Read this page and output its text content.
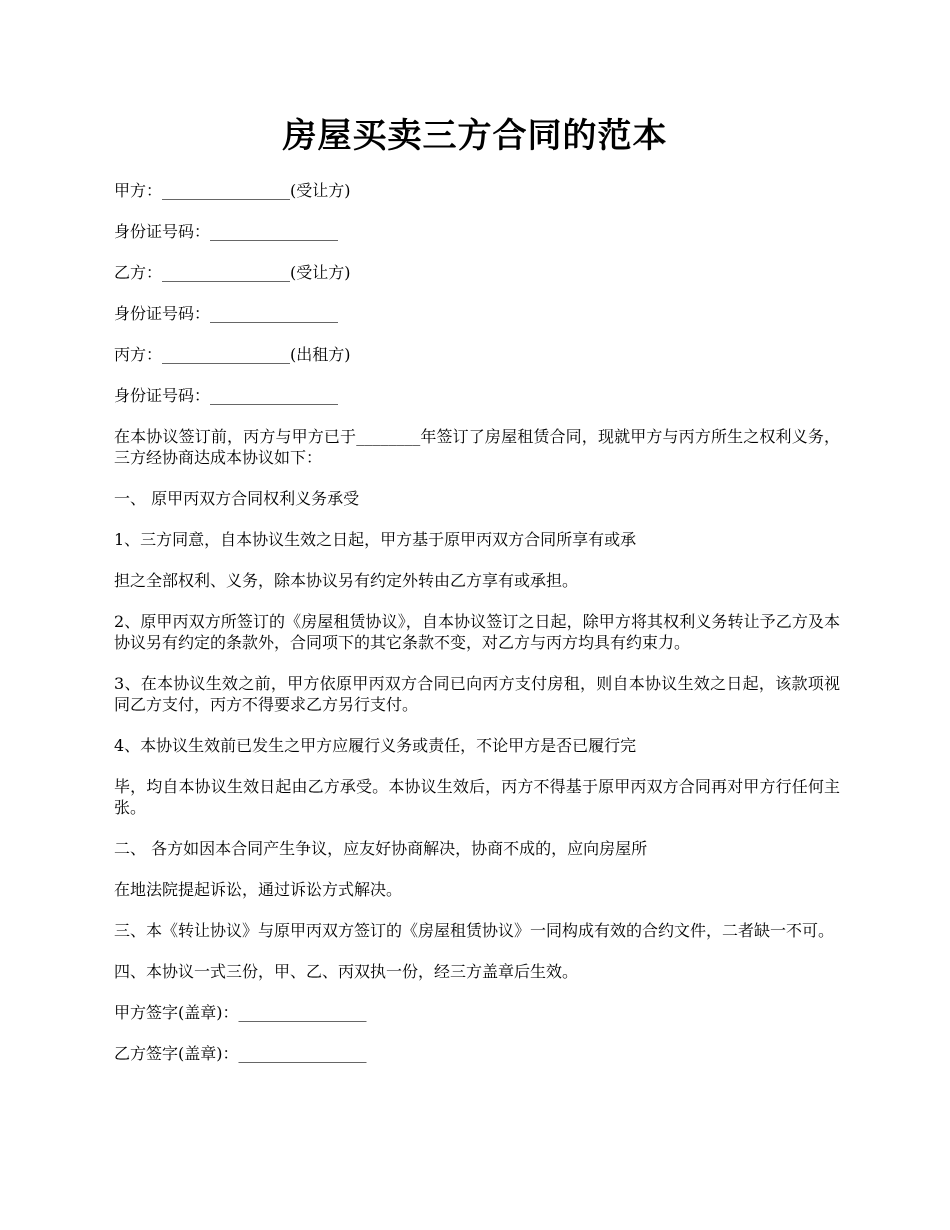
房屋买卖三方合同的范本

甲方：________________(受让方)

身份证号码：________________

乙方：________________(受让方)

身份证号码：________________

丙方：________________(出租方)

身份证号码：________________

在本协议签订前，丙方与甲方已于________年签订了房屋租赁合同，现就甲方与丙方所生之权利义务，三方经协商达成本协议如下：

一、 原甲丙双方合同权利义务承受

1、三方同意，自本协议生效之日起，甲方基于原甲丙双方合同所享有或承

担之全部权利、义务，除本协议另有约定外转由乙方享有或承担。

2、原甲丙双方所签订的《房屋租赁协议》，自本协议签订之日起，除甲方将其权利义务转让予乙方及本协议另有约定的条款外，合同项下的其它条款不变，对乙方与丙方均具有约束力。

3、在本协议生效之前，甲方依原甲丙双方合同已向丙方支付房租，则自本协议生效之日起，该款项视同乙方支付，丙方不得要求乙方另行支付。

4、本协议生效前已发生之甲方应履行义务或责任，不论甲方是否已履行完

毕，均自本协议生效日起由乙方承受。本协议生效后，丙方不得基于原甲丙双方合同再对甲方行任何主张。

二、 各方如因本合同产生争议，应友好协商解决，协商不成的，应向房屋所

在地法院提起诉讼，通过诉讼方式解决。

三、本《转让协议》与原甲丙双方签订的《房屋租赁协议》一同构成有效的合约文件，二者缺一不可。

四、本协议一式三份，甲、乙、丙双执一份，经三方盖章后生效。

甲方签字(盖章)：________________

乙方签字(盖章)：________________
